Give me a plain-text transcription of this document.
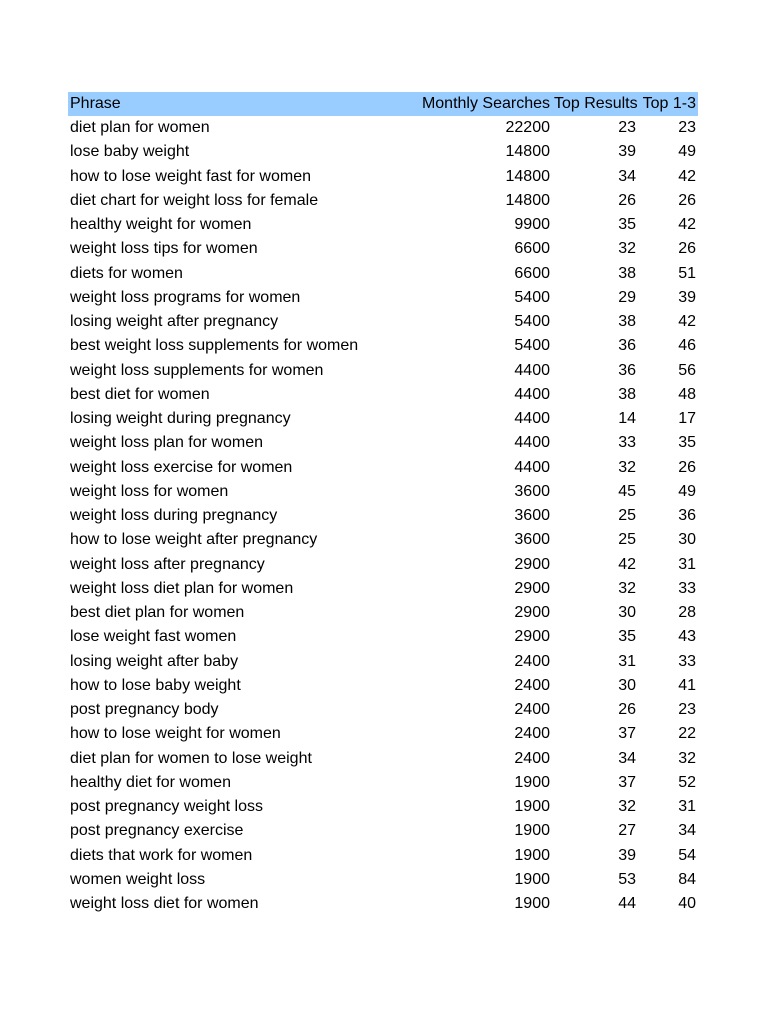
Phrase	Monthly Searches	Top Results	Top 1-3
diet plan for women	22200	23	23
lose baby weight	14800	39	49
how to lose weight fast for women	14800	34	42
diet chart for weight loss for female	14800	26	26
healthy weight for women	9900	35	42
weight loss tips for women	6600	32	26
diets for women	6600	38	51
weight loss programs for women	5400	29	39
losing weight after pregnancy	5400	38	42
best weight loss supplements for women	5400	36	46
weight loss supplements for women	4400	36	56
best diet for women	4400	38	48
losing weight during pregnancy	4400	14	17
weight loss plan for women	4400	33	35
weight loss exercise for women	4400	32	26
weight loss for women	3600	45	49
weight loss during pregnancy	3600	25	36
how to lose weight after pregnancy	3600	25	30
weight loss after pregnancy	2900	42	31
weight loss diet plan for women	2900	32	33
best diet plan for women	2900	30	28
lose weight fast women	2900	35	43
losing weight after baby	2400	31	33
how to lose baby weight	2400	30	41
post pregnancy body	2400	26	23
how to lose weight for women	2400	37	22
diet plan for women to lose weight	2400	34	32
healthy diet for women	1900	37	52
post pregnancy weight loss	1900	32	31
post pregnancy exercise	1900	27	34
diets that work for women	1900	39	54
women weight loss	1900	53	84
weight loss diet for women	1900	44	40
